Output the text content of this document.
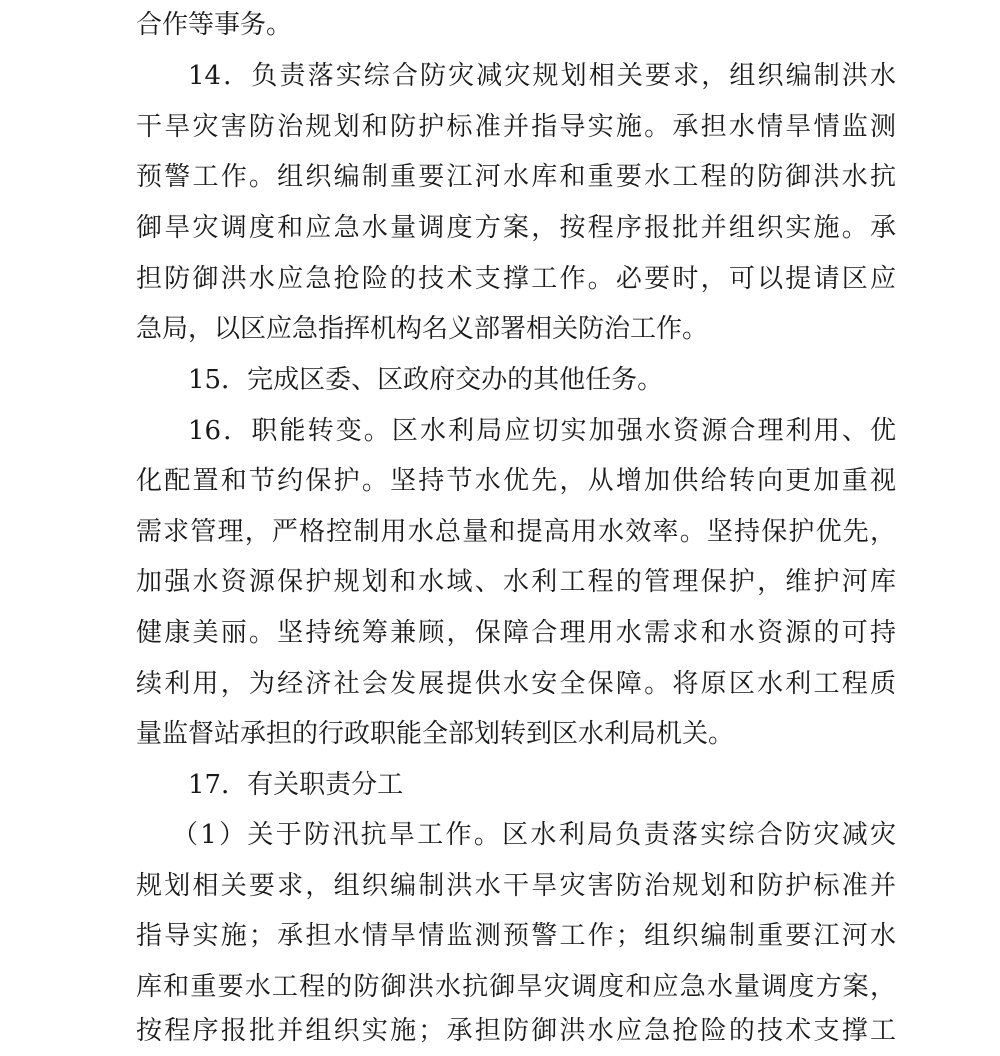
合作等事务。
14．负责落实综合防灾减灾规划相关要求，组织编制洪水
干旱灾害防治规划和防护标准并指导实施。承担水情旱情监测
预警工作。组织编制重要江河水库和重要水工程的防御洪水抗
御旱灾调度和应急水量调度方案，按程序报批并组织实施。承
担防御洪水应急抢险的技术支撑工作。必要时，可以提请区应
急局，以区应急指挥机构名义部署相关防治工作。
15．完成区委、区政府交办的其他任务。
16．职能转变。区水利局应切实加强水资源合理利用、优
化配置和节约保护。坚持节水优先，从增加供给转向更加重视
需求管理，严格控制用水总量和提高用水效率。坚持保护优先，
加强水资源保护规划和水域、水利工程的管理保护，维护河库
健康美丽。坚持统筹兼顾，保障合理用水需求和水资源的可持
续利用，为经济社会发展提供水安全保障。将原区水利工程质
量监督站承担的行政职能全部划转到区水利局机关。
17．有关职责分工
（1）关于防汛抗旱工作。区水利局负责落实综合防灾减灾
规划相关要求，组织编制洪水干旱灾害防治规划和防护标准并
指导实施；承担水情旱情监测预警工作；组织编制重要江河水
库和重要水工程的防御洪水抗御旱灾调度和应急水量调度方案，
按程序报批并组织实施；承担防御洪水应急抢险的技术支撑工
